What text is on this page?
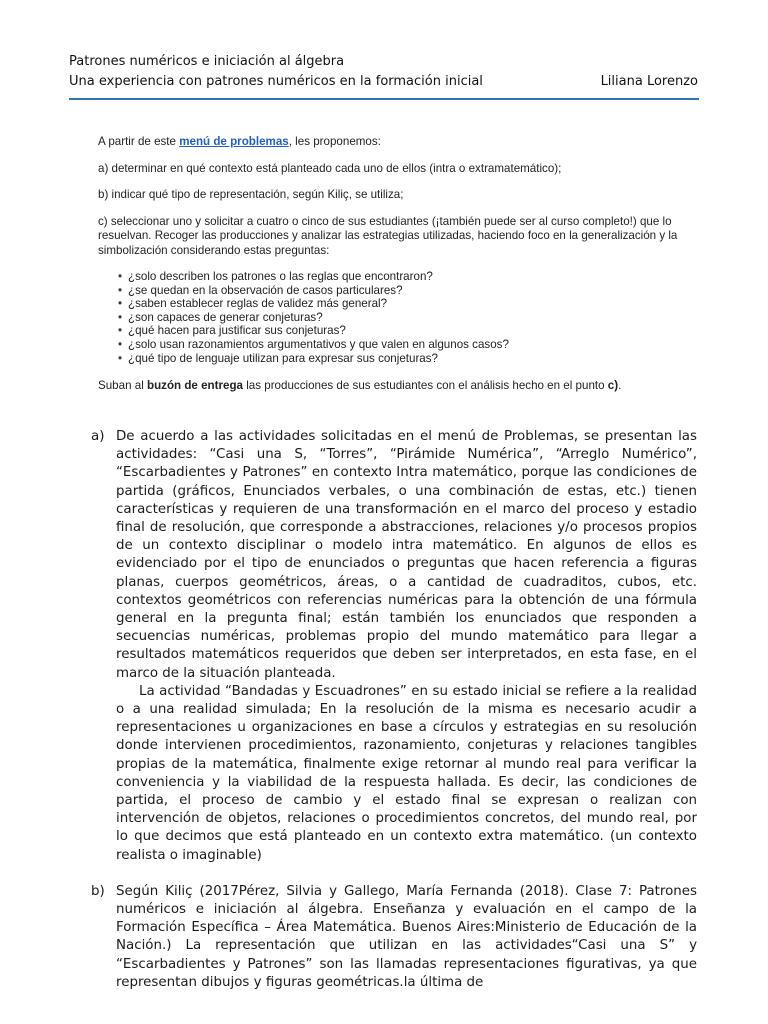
Patrones numéricos e iniciación al álgebra
Una experiencia con patrones numéricos en la formación inicial	Liliana Lorenzo

A partir de este menú de problemas, les proponemos:

a) determinar en qué contexto está planteado cada uno de ellos (intra o extramatemático);

b) indicar qué tipo de representación, según Kiliç, se utiliza;

c) seleccionar uno y solicitar a cuatro o cinco de sus estudiantes (¡también puede ser al curso completo!) que lo resuelvan. Recoger las producciones y analizar las estrategias utilizadas, haciendo foco en la generalización y la simbolización considerando estas preguntas:

• ¿solo describen los patrones o las reglas que encontraron?
• ¿se quedan en la observación de casos particulares?
• ¿saben establecer reglas de validez más general?
• ¿son capaces de generar conjeturas?
• ¿qué hacen para justificar sus conjeturas?
• ¿solo usan razonamientos argumentativos y que valen en algunos casos?
• ¿qué tipo de lenguaje utilizan para expresar sus conjeturas?

Suban al buzón de entrega las producciones de sus estudiantes con el análisis hecho en el punto c).

a) De acuerdo a las actividades solicitadas en el menú de Problemas, se presentan las actividades: “Casi una S, “Torres”, “Pirámide Numérica”, “Arreglo Numérico”, “Escarbadientes y Patrones” en contexto Intra matemático, porque las condiciones de partida (gráficos, Enunciados verbales, o una combinación de estas, etc.) tienen características y requieren de una transformación en el marco del proceso y estadio final de resolución, que corresponde a abstracciones, relaciones y/o procesos propios de un contexto disciplinar o modelo intra matemático. En algunos de ellos es evidenciado por el tipo de enunciados o preguntas que hacen referencia a figuras planas, cuerpos geométricos, áreas, o a cantidad de cuadraditos, cubos, etc. contextos geométricos con referencias numéricas para la obtención de una fórmula general en la pregunta final; están también los enunciados que responden a secuencias numéricas, problemas propio del mundo matemático para llegar a resultados matemáticos requeridos que deben ser interpretados, en esta fase, en el marco de la situación planteada.

La actividad “Bandadas y Escuadrones” en su estado inicial se refiere a la realidad o a una realidad simulada; En la resolución de la misma es necesario acudir a representaciones u organizaciones en base a círculos y estrategias en su resolución donde intervienen procedimientos, razonamiento, conjeturas y relaciones tangibles propias de la matemática, finalmente exige retornar al mundo real para verificar la conveniencia y la viabilidad de la respuesta hallada. Es decir, las condiciones de partida, el proceso de cambio y el estado final se expresan o realizan con intervención de objetos, relaciones o procedimientos concretos, del mundo real, por lo que decimos que está planteado en un contexto extra matemático. (un contexto realista o imaginable)

b) Según Kiliç (2017Pérez, Silvia y Gallego, María Fernanda (2018). Clase 7: Patrones numéricos e iniciación al álgebra. Enseñanza y evaluación en el campo de la Formación Específica – Área Matemática. Buenos Aires:Ministerio de Educación de la Nación.) La representación que utilizan en las actividades“Casi una S” y “Escarbadientes y Patrones” son las llamadas representaciones figurativas, ya que representan dibujos y figuras geométricas.la última de
